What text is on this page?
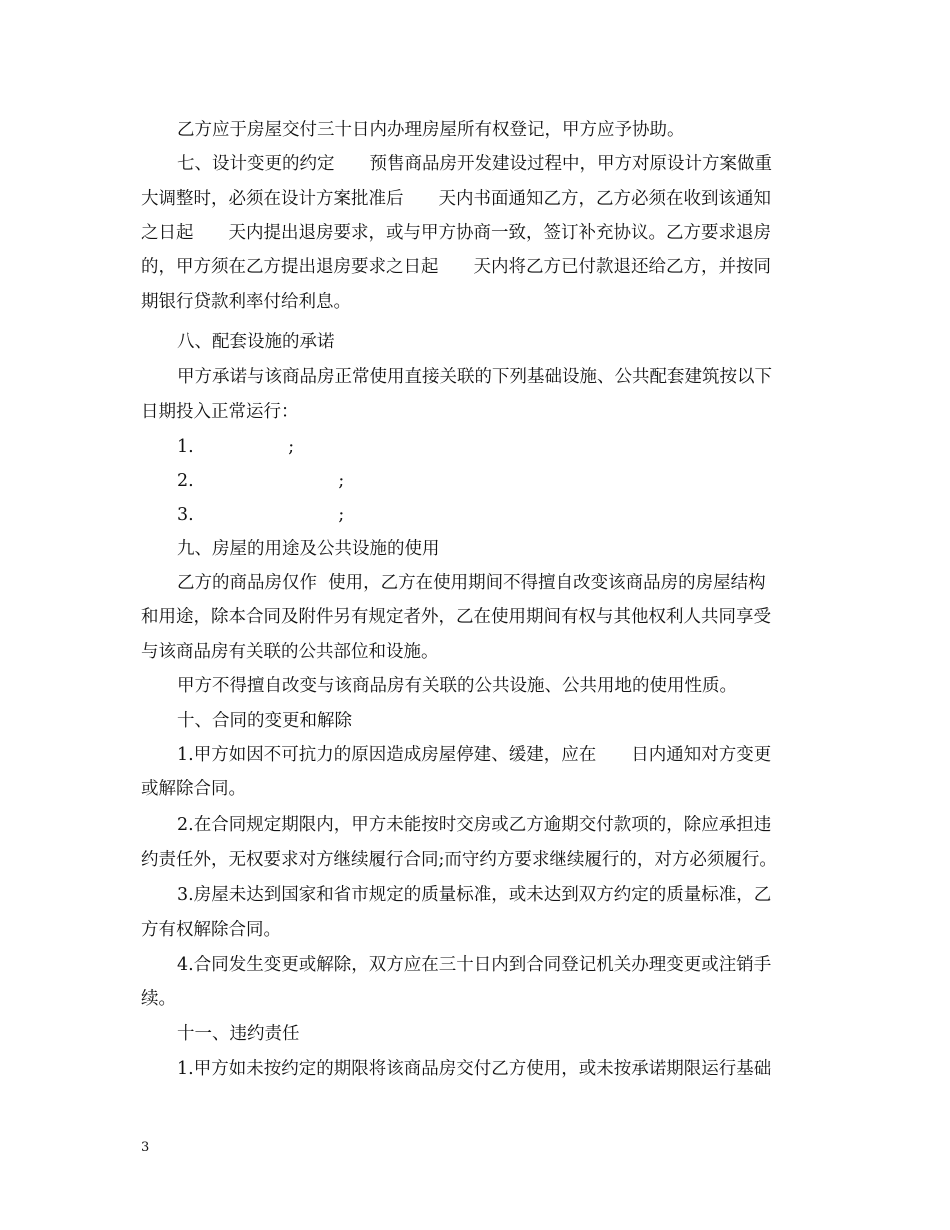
乙方应于房屋交付三十日内办理房屋所有权登记，甲方应予协助。
七、设计变更的约定　　预售商品房开发建设过程中，甲方对原设计方案做重
大调整时，必须在设计方案批准后　　天内书面通知乙方，乙方必须在收到该通知
之日起　　天内提出退房要求，或与甲方协商一致，签订补充协议。乙方要求退房
的，甲方须在乙方提出退房要求之日起　　天内将乙方已付款退还给乙方，并按同
期银行贷款利率付给利息。
八、配套设施的承诺
甲方承诺与该商品房正常使用直接关联的下列基础设施、公共配套建筑按以下
日期投入正常运行：
1.                 ;
2.                          ;
3.                          ;
九、房屋的用途及公共设施的使用
乙方的商品房仅作  使用，乙方在使用期间不得擅自改变该商品房的房屋结构
和用途，除本合同及附件另有规定者外，乙在使用期间有权与其他权利人共同享受
与该商品房有关联的公共部位和设施。
甲方不得擅自改变与该商品房有关联的公共设施、公共用地的使用性质。
十、合同的变更和解除
1.甲方如因不可抗力的原因造成房屋停建、缓建，应在　　日内通知对方变更
或解除合同。
2.在合同规定期限内，甲方未能按时交房或乙方逾期交付款项的，除应承担违
约责任外，无权要求对方继续履行合同;而守约方要求继续履行的，对方必须履行。
3.房屋未达到国家和省市规定的质量标准，或未达到双方约定的质量标准，乙
方有权解除合同。
4.合同发生变更或解除，双方应在三十日内到合同登记机关办理变更或注销手
续。
十一、违约责任
1.甲方如未按约定的期限将该商品房交付乙方使用，或未按承诺期限运行基础
3
